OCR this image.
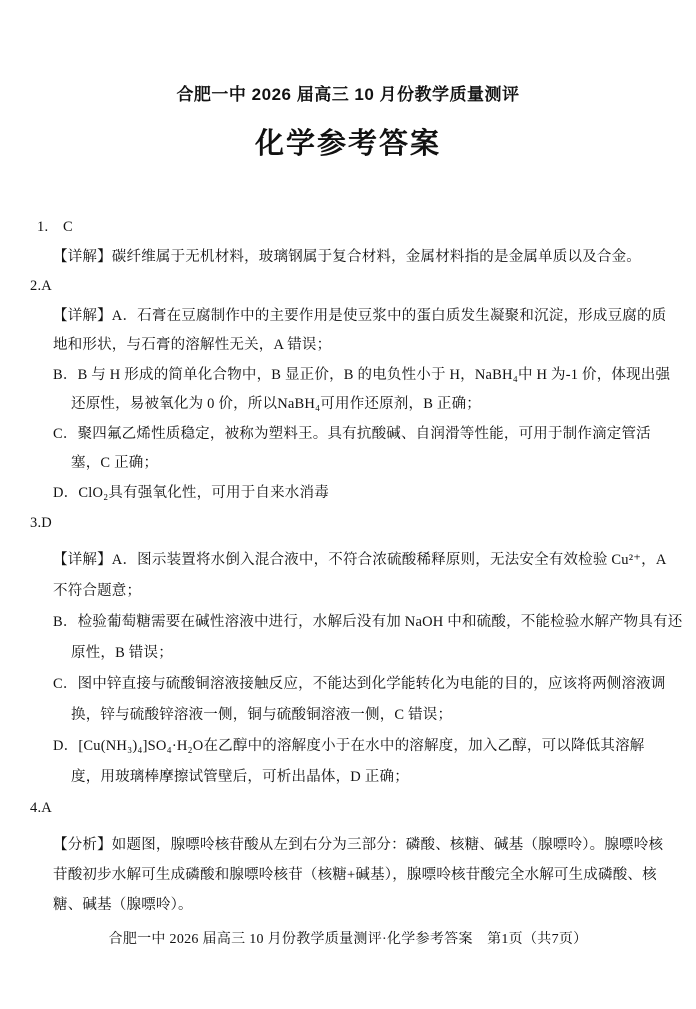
合肥一中 2026 届高三 10 月份教学质量测评
化学参考答案
1.　C
【详解】碳纤维属于无机材料，玻璃钢属于复合材料，金属材料指的是金属单质以及合金。
2.A
【详解】A．石膏在豆腐制作中的主要作用是使豆浆中的蛋白质发生凝聚和沉淀，形成豆腐的质
地和形状，与石膏的溶解性无关，A 错误；
B．B 与 H 形成的简单化合物中，B 显正价，B 的电负性小于 H，NaBH₄中 H 为-1 价，体现出强
还原性，易被氧化为 0 价，所以NaBH₄可用作还原剂，B 正确；
C．聚四氟乙烯性质稳定，被称为塑料王。具有抗酸碱、自润滑等性能，可用于制作滴定管活
塞，C 正确；
D．ClO₂具有强氧化性，可用于自来水消毒
3.D
【详解】A．图示装置将水倒入混合液中，不符合浓硫酸稀释原则，无法安全有效检验 Cu²⁺，A
不符合题意；
B．检验葡萄糖需要在碱性溶液中进行，水解后没有加 NaOH 中和硫酸，不能检验水解产物具有还
原性，B 错误；
C．图中锌直接与硫酸铜溶液接触反应，不能达到化学能转化为电能的目的，应该将两侧溶液调
换，锌与硫酸锌溶液一侧，铜与硫酸铜溶液一侧，C 错误；
D．[Cu(NH₃)₄]SO₄·H₂O在乙醇中的溶解度小于在水中的溶解度，加入乙醇，可以降低其溶解
度，用玻璃棒摩擦试管壁后，可析出晶体，D 正确；
4.A
【分析】如题图，腺嘌呤核苷酸从左到右分为三部分：磷酸、核糖、碱基（腺嘌呤）。腺嘌呤核
苷酸初步水解可生成磷酸和腺嘌呤核苷（核糖+碱基），腺嘌呤核苷酸完全水解可生成磷酸、核
糖、碱基（腺嘌呤）。
合肥一中 2026 届高三 10 月份教学质量测评·化学参考答案　第1页（共7页）
